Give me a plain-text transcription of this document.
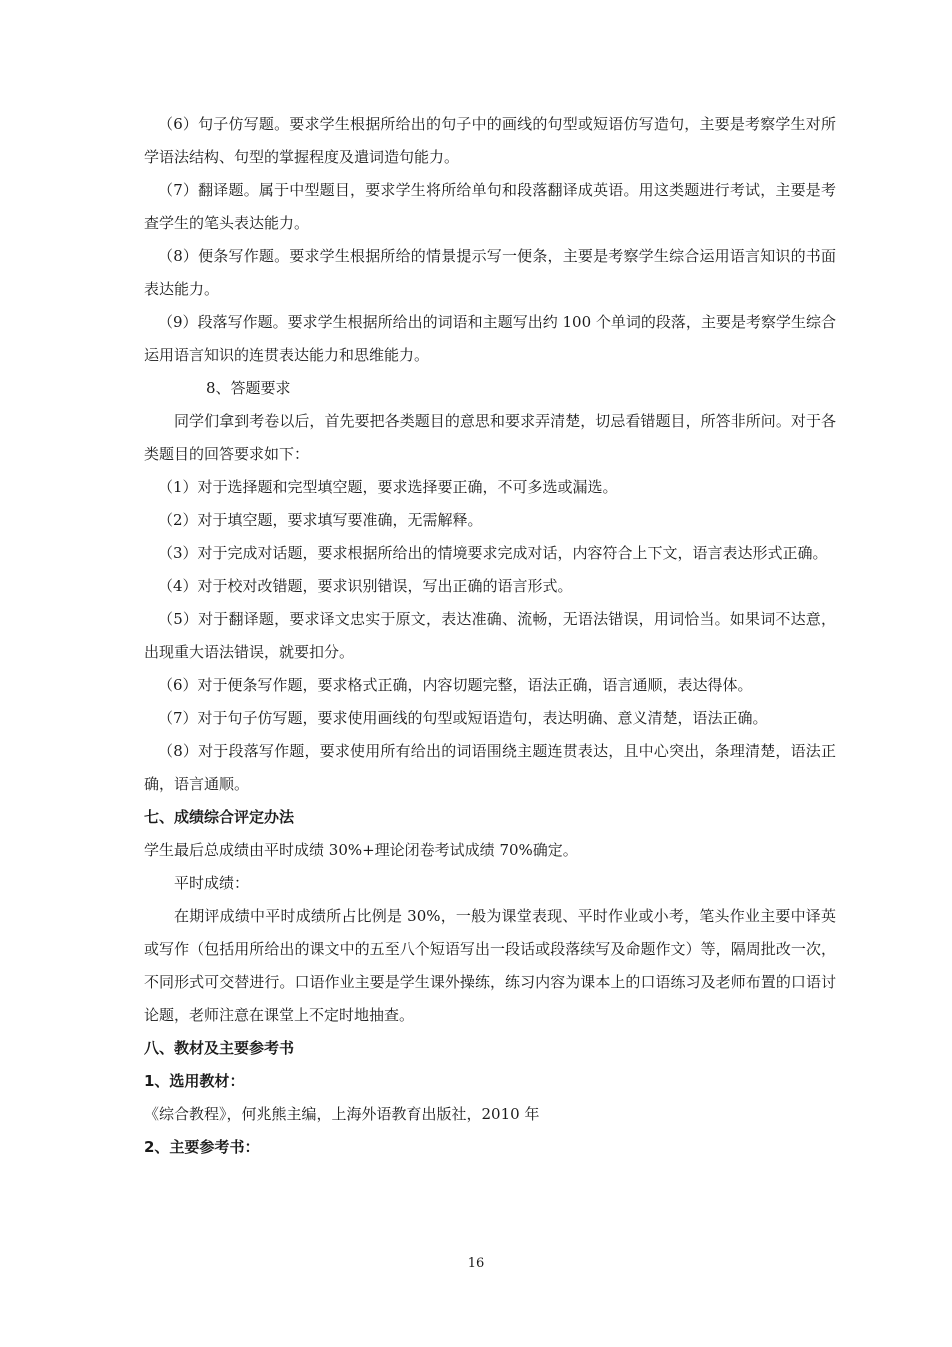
（6）句子仿写题。要求学生根据所给出的句子中的画线的句型或短语仿写造句，主要是考察学生对所学语法结构、句型的掌握程度及遣词造句能力。

（7）翻译题。属于中型题目，要求学生将所给单句和段落翻译成英语。用这类题进行考试，主要是考查学生的笔头表达能力。

（8）便条写作题。要求学生根据所给的情景提示写一便条，主要是考察学生综合运用语言知识的书面表达能力。

（9）段落写作题。要求学生根据所给出的词语和主题写出约 100 个单词的段落，主要是考察学生综合运用语言知识的连贯表达能力和思维能力。

8、答题要求

同学们拿到考卷以后，首先要把各类题目的意思和要求弄清楚，切忌看错题目，所答非所问。对于各类题目的回答要求如下：

（1）对于选择题和完型填空题，要求选择要正确，不可多选或漏选。

（2）对于填空题，要求填写要准确，无需解释。

（3）对于完成对话题，要求根据所给出的情境要求完成对话，内容符合上下文，语言表达形式正确。

（4）对于校对改错题，要求识别错误，写出正确的语言形式。

（5）对于翻译题，要求译文忠实于原文，表达准确、流畅，无语法错误，用词恰当。如果词不达意，出现重大语法错误，就要扣分。

（6）对于便条写作题，要求格式正确，内容切题完整，语法正确，语言通顺，表达得体。

（7）对于句子仿写题，要求使用画线的句型或短语造句，表达明确、意义清楚，语法正确。

（8）对于段落写作题，要求使用所有给出的词语围绕主题连贯表达，且中心突出，条理清楚，语法正确，语言通顺。

七、成绩综合评定办法

学生最后总成绩由平时成绩 30%+理论闭卷考试成绩 70%确定。

平时成绩：

在期评成绩中平时成绩所占比例是 30%，一般为课堂表现、平时作业或小考，笔头作业主要中译英或写作（包括用所给出的课文中的五至八个短语写出一段话或段落续写及命题作文）等，隔周批改一次，不同形式可交替进行。口语作业主要是学生课外操练，练习内容为课本上的口语练习及老师布置的口语讨论题，老师注意在课堂上不定时地抽查。

八、教材及主要参考书

1、选用教材：

《综合教程》，何兆熊主编，上海外语教育出版社，2010 年

2、主要参考书：

16
